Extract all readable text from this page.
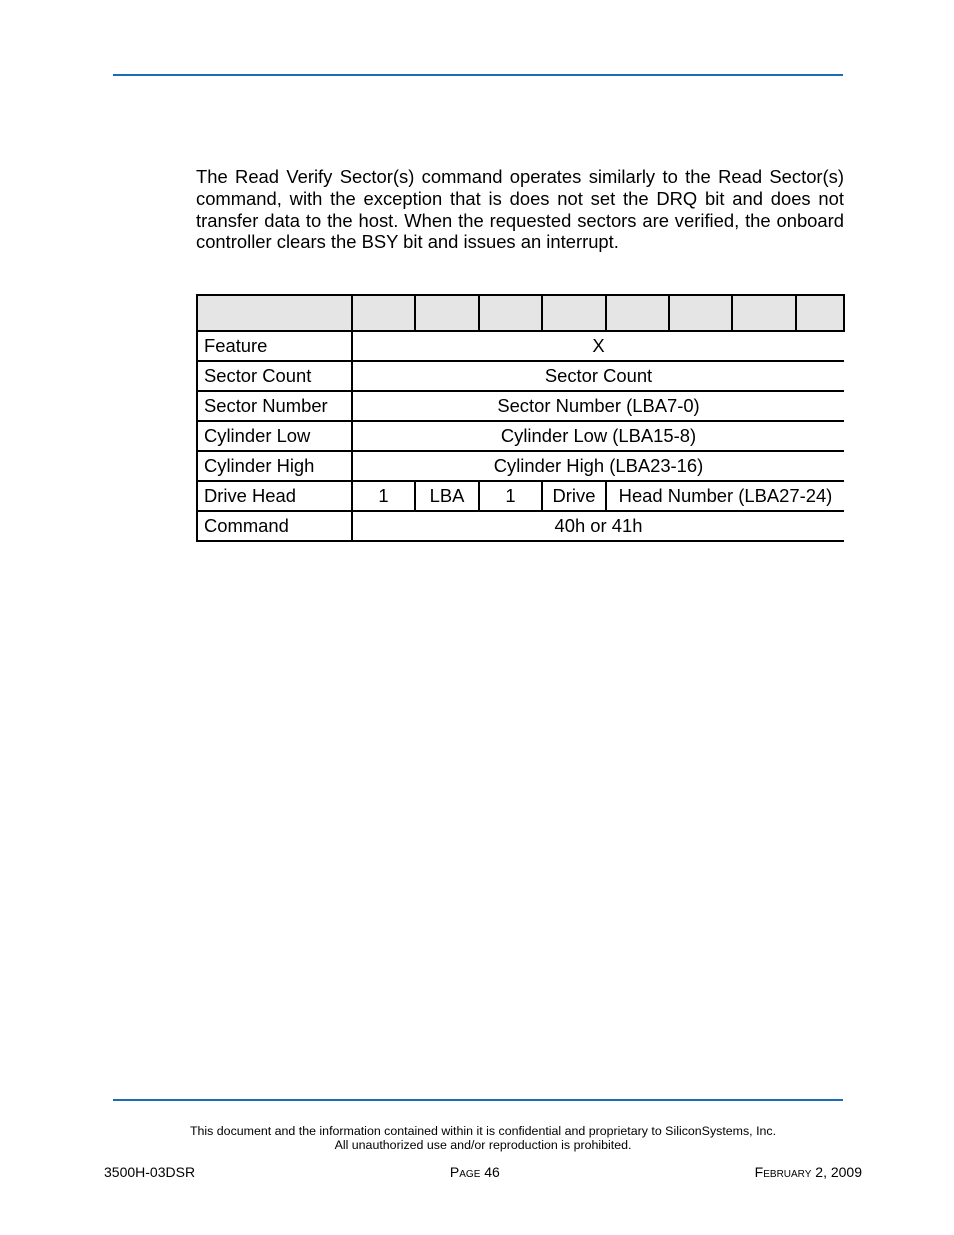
The Read Verify Sector(s) command operates similarly to the Read Sector(s) command, with the exception that is does not set the DRQ bit and does not transfer data to the host. When the requested sectors are verified, the onboard controller clears the BSY bit and issues an interrupt.

Feature	X							
Sector Count	Sector Count							
Sector Number	Sector Number (LBA7-0)							
Cylinder Low	Cylinder Low (LBA15-8)							
Cylinder High	Cylinder High (LBA23-16)							
Drive Head	1	LBA	1	Drive	Head Number (LBA27-24)			
Command	40h or 41h							
This document and the information contained within it is confidential and proprietary to SiliconSystems, Inc.
All unauthorized use and/or reproduction is prohibited.
3500H-03DSR	Page 46	February 2, 2009
